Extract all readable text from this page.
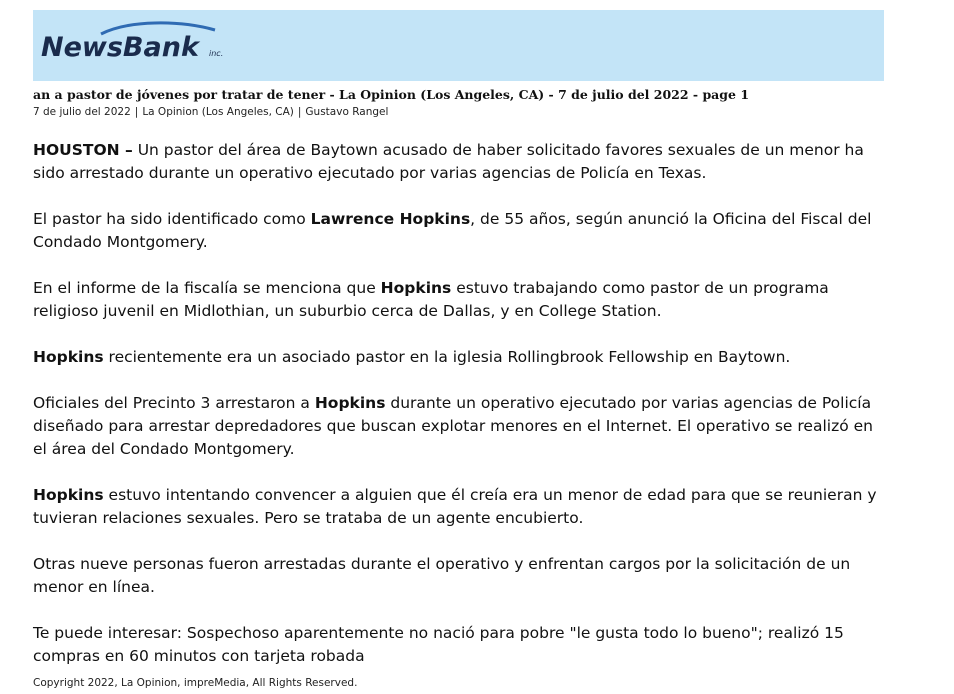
NewsBank inc.
an a pastor de jóvenes por tratar de tener - La Opinion (Los Angeles, CA) - 7 de julio del 2022 - page 1
7 de julio del 2022 | La Opinion (Los Angeles, CA) | Gustavo Rangel

HOUSTON – Un pastor del área de Baytown acusado de haber solicitado favores sexuales de un menor ha sido arrestado durante un operativo ejecutado por varias agencias de Policía en Texas.

El pastor ha sido identificado como Lawrence Hopkins, de 55 años, según anunció la Oficina del Fiscal del Condado Montgomery.

En el informe de la fiscalía se menciona que Hopkins estuvo trabajando como pastor de un programa religioso juvenil en Midlothian, un suburbio cerca de Dallas, y en College Station.

Hopkins recientemente era un asociado pastor en la iglesia Rollingbrook Fellowship en Baytown.

Oficiales del Precinto 3 arrestaron a Hopkins durante un operativo ejecutado por varias agencias de Policía diseñado para arrestar depredadores que buscan explotar menores en el Internet. El operativo se realizó en el área del Condado Montgomery.

Hopkins estuvo intentando convencer a alguien que él creía era un menor de edad para que se reunieran y tuvieran relaciones sexuales. Pero se trataba de un agente encubierto.

Otras nueve personas fueron arrestadas durante el operativo y enfrentan cargos por la solicitación de un menor en línea.

Te puede interesar: Sospechoso aparentemente no nació para pobre "le gusta todo lo bueno"; realizó 15 compras en 60 minutos con tarjeta robada

Copyright 2022, La Opinion, impreMedia, All Rights Reserved.
